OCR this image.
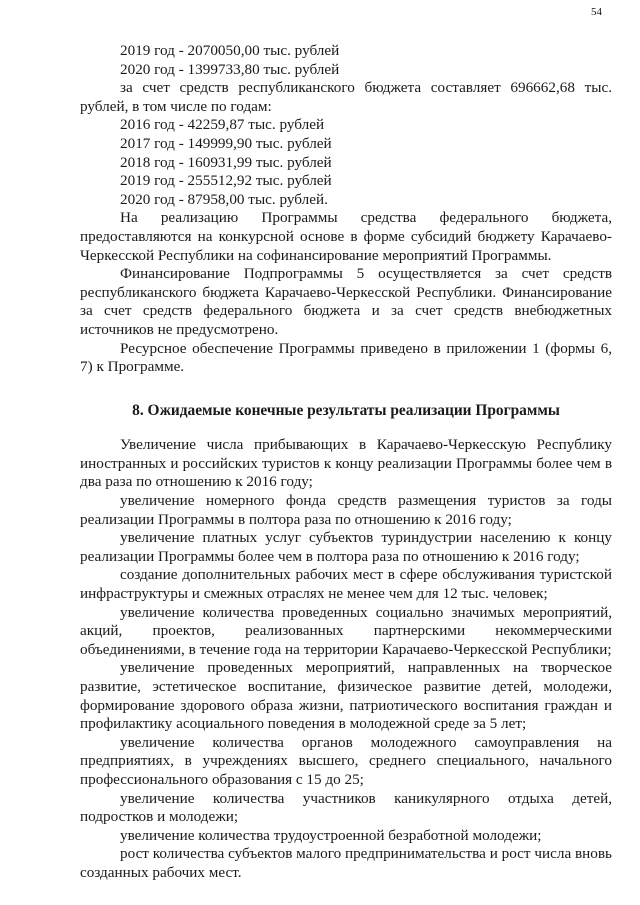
54
2019 год - 2070050,00 тыс. рублей
2020 год - 1399733,80 тыс. рублей

за счет средств республиканского бюджета составляет 696662,68 тыс. рублей, в том числе по годам:

2016 год - 42259,87 тыс. рублей
2017 год - 149999,90 тыс. рублей
2018 год - 160931,99 тыс. рублей
2019 год - 255512,92 тыс. рублей
2020 год - 87958,00 тыс. рублей.

На реализацию Программы средства федерального бюджета, предоставляются на конкурсной основе в форме субсидий бюджету Карачаево-Черкесской Республики на софинансирование мероприятий Программы.

Финансирование Подпрограммы 5 осуществляется за счет средств республиканского бюджета Карачаево-Черкесской Республики. Финансирование за счет средств федерального бюджета и за счет средств внебюджетных источников не предусмотрено.

Ресурсное обеспечение Программы приведено в приложении 1 (формы 6, 7) к Программе.

8. Ожидаемые конечные результаты реализации Программы

Увеличение числа прибывающих в Карачаево-Черкесскую Республику иностранных и российских туристов к концу реализации Программы более чем в два раза по отношению к 2016 году;

увеличение номерного фонда средств размещения туристов за годы реализации Программы в полтора раза по отношению к 2016 году;

увеличение платных услуг субъектов туриндустрии населению к концу реализации Программы более чем в полтора раза по отношению к 2016 году;

создание дополнительных рабочих мест в сфере обслуживания туристской инфраструктуры и смежных отраслях не менее чем для 12 тыс. человек;

увеличение количества проведенных социально значимых мероприятий, акций, проектов, реализованных партнерскими некоммерческими объединениями, в течение года на территории Карачаево-Черкесской Республики;

увеличение проведенных мероприятий, направленных на творческое развитие, эстетическое воспитание, физическое развитие детей, молодежи, формирование здорового образа жизни, патриотического воспитания граждан и профилактику асоциального поведения в молодежной среде за 5 лет;

увеличение количества органов молодежного самоуправления на предприятиях, в учреждениях высшего, среднего специального, начального профессионального образования с 15 до 25;

увеличение количества участников каникулярного отдыха детей, подростков и молодежи;

увеличение количества трудоустроенной безработной молодежи;

рост количества субъектов малого предпринимательства и рост числа вновь созданных рабочих мест.
